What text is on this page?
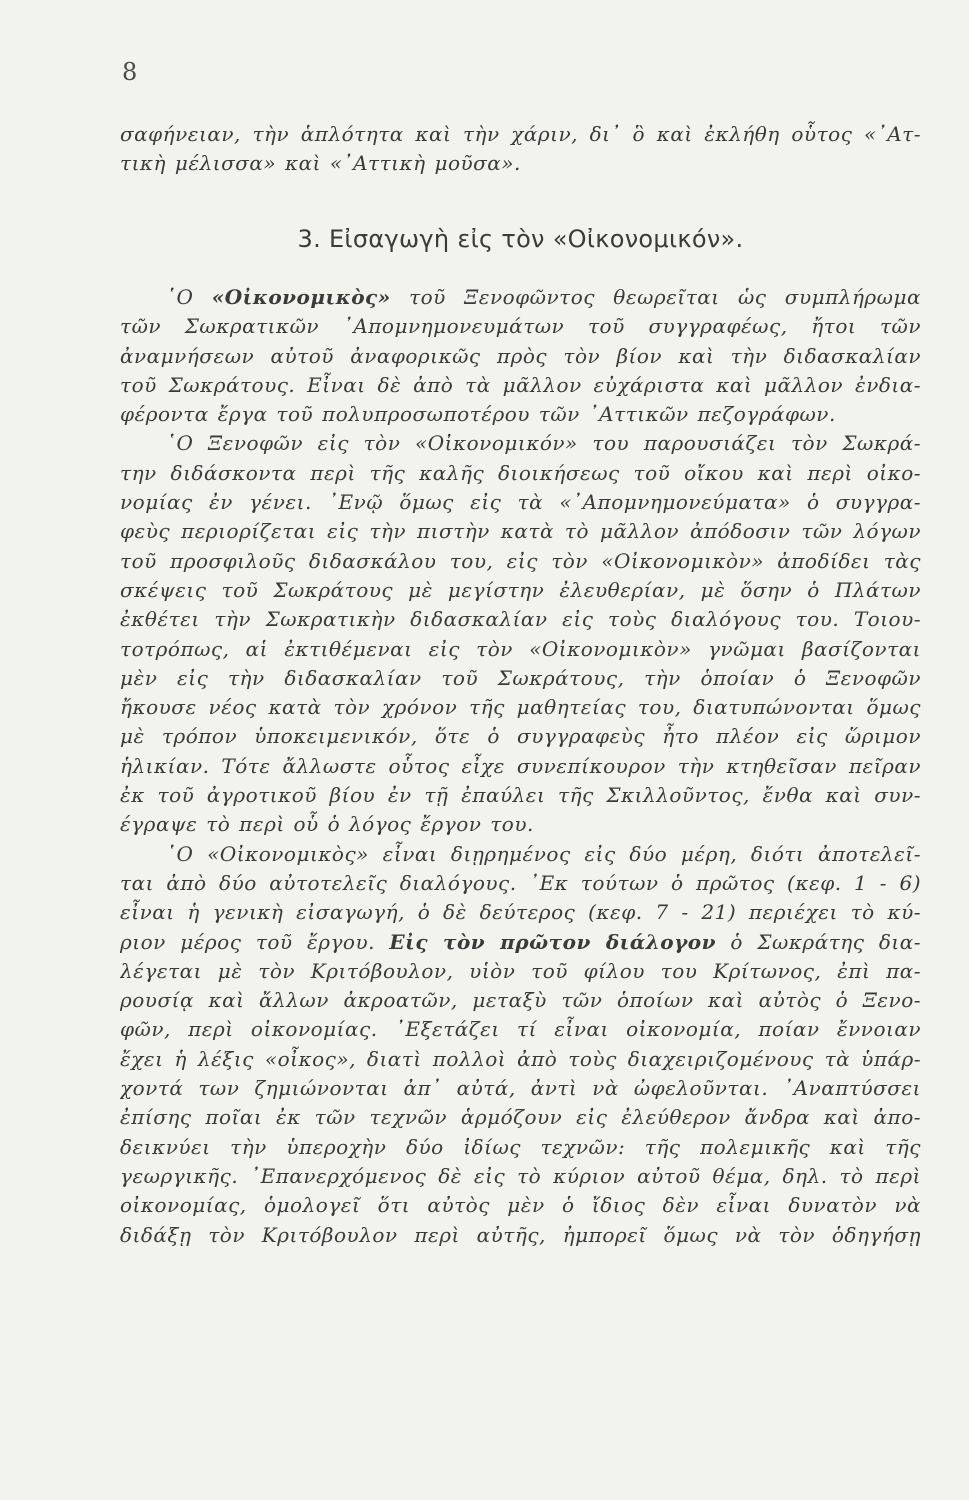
8
σαφήνειαν, τὴν ἁπλότητα καὶ τὴν χάριν, δι᾽ ὃ καὶ ἐκλήθη οὗτος «᾽Ατ-
τικὴ μέλισσα» καὶ «᾽Αττικὴ μοῦσα».
3. Εἰσαγωγὴ εἰς τὸν «Οἰκονομικόν».
῾Ο «Οἰκονομικὸς» τοῦ Ξενοφῶντος θεωρεῖται ὡς συμπλήρωμα
τῶν Σωκρατικῶν ᾽Απομνημονευμάτων τοῦ συγγραφέως, ἤτοι τῶν
ἀναμνήσεων αὐτοῦ ἀναφορικῶς πρὸς τὸν βίον καὶ τὴν διδασκαλίαν
τοῦ Σωκράτους. Εἶναι δὲ ἀπὸ τὰ μᾶλλον εὐχάριστα καὶ μᾶλλον ἐνδια-
φέροντα ἔργα τοῦ πολυπροσωποτέρου τῶν ᾽Αττικῶν πεζογράφων.
῾Ο Ξενοφῶν εἰς τὸν «Οἰκονομικόν» του παρουσιάζει τὸν Σωκρά-
την διδάσκοντα περὶ τῆς καλῆς διοικήσεως τοῦ οἴκου καὶ περὶ οἰκο-
νομίας ἐν γένει. ᾽Ενῷ ὅμως εἰς τὰ «᾽Απομνημονεύματα» ὁ συγγρα-
φεὺς περιορίζεται εἰς τὴν πιστὴν κατὰ τὸ μᾶλλον ἀπόδοσιν τῶν λόγων
τοῦ προσφιλοῦς διδασκάλου του, εἰς τὸν «Οἰκονομικὸν» ἀποδίδει τὰς
σκέψεις τοῦ Σωκράτους μὲ μεγίστην ἐλευθερίαν, μὲ ὅσην ὁ Πλάτων
ἐκθέτει τὴν Σωκρατικὴν διδασκαλίαν εἰς τοὺς διαλόγους του. Τοιου-
τοτρόπως, αἱ ἐκτιθέμεναι εἰς τὸν «Οἰκονομικὸν» γνῶμαι βασίζονται
μὲν εἰς τὴν διδασκαλίαν τοῦ Σωκράτους, τὴν ὁποίαν ὁ Ξενοφῶν
ἤκουσε νέος κατὰ τὸν χρόνον τῆς μαθητείας του, διατυπώνονται ὅμως
μὲ τρόπον ὑποκειμενικόν, ὅτε ὁ συγγραφεὺς ἦτο πλέον εἰς ὥριμον
ἡλικίαν. Τότε ἄλλωστε οὗτος εἶχε συνεπίκουρον τὴν κτηθεῖσαν πεῖραν
ἐκ τοῦ ἀγροτικοῦ βίου ἐν τῇ ἐπαύλει τῆς Σκιλλοῦντος, ἔνθα καὶ συν-
έγραψε τὸ περὶ οὗ ὁ λόγος ἔργον του.
῾Ο «Οἰκονομικὸς» εἶναι διῃρημένος εἰς δύο μέρη, διότι ἀποτελεῖ-
ται ἀπὸ δύο αὐτοτελεῖς διαλόγους. ᾽Εκ τούτων ὁ πρῶτος (κεφ. 1 - 6)
εἶναι ἡ γενικὴ εἰσαγωγή, ὁ δὲ δεύτερος (κεφ. 7 - 21) περιέχει τὸ κύ-
ριον μέρος τοῦ ἔργου. Εἰς τὸν πρῶτον διάλογον ὁ Σωκράτης δια-
λέγεται μὲ τὸν Κριτόβουλον, υἱὸν τοῦ φίλου του Κρίτωνος, ἐπὶ πα-
ρουσίᾳ καὶ ἄλλων ἀκροατῶν, μεταξὺ τῶν ὁποίων καὶ αὐτὸς ὁ Ξενο-
φῶν, περὶ οἰκονομίας. ᾽Εξετάζει τί εἶναι οἰκονομία, ποίαν ἔννοιαν
ἔχει ἡ λέξις «οἶκος», διατὶ πολλοὶ ἀπὸ τοὺς διαχειριζομένους τὰ ὑπάρ-
χοντά των ζημιώνονται ἀπ᾽ αὐτά, ἀντὶ νὰ ὠφελοῦνται. ᾽Αναπτύσσει
ἐπίσης ποῖαι ἐκ τῶν τεχνῶν ἁρμόζουν εἰς ἐλεύθερον ἄνδρα καὶ ἀπο-
δεικνύει τὴν ὑπεροχὴν δύο ἰδίως τεχνῶν: τῆς πολεμικῆς καὶ τῆς
γεωργικῆς. ᾽Επανερχόμενος δὲ εἰς τὸ κύριον αὐτοῦ θέμα, δηλ. τὸ περὶ
οἰκονομίας, ὁμολογεῖ ὅτι αὐτὸς μὲν ὁ ἴδιος δὲν εἶναι δυνατὸν νὰ
διδάξῃ τὸν Κριτόβουλον περὶ αὐτῆς, ἠμπορεῖ ὅμως νὰ τὸν ὁδηγήσῃ
